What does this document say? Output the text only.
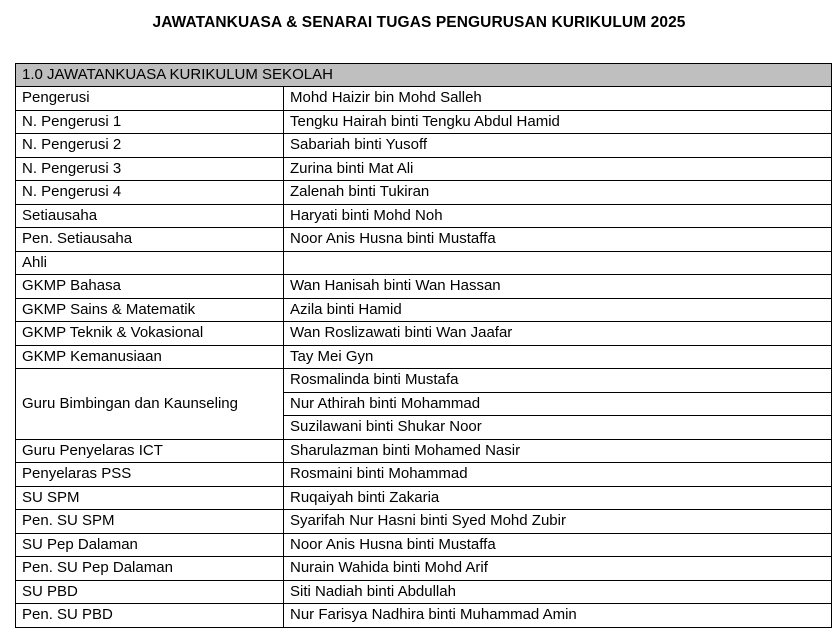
JAWATANKUASA & SENARAI TUGAS PENGURUSAN KURIKULUM 2025
1.0 JAWATANKUASA KURIKULUM SEKOLAH	
Pengerusi	Mohd Haizir bin Mohd Salleh
N. Pengerusi 1	Tengku Hairah binti Tengku Abdul Hamid
N. Pengerusi 2	Sabariah binti Yusoff
N. Pengerusi 3	Zurina binti Mat Ali
N. Pengerusi 4	Zalenah binti Tukiran
Setiausaha	Haryati binti Mohd Noh
Pen. Setiausaha	Noor Anis Husna binti Mustaffa
Ahli	
GKMP Bahasa	Wan Hanisah binti Wan Hassan
GKMP Sains & Matematik	Azila binti Hamid
GKMP Teknik & Vokasional	Wan Roslizawati binti Wan Jaafar
GKMP Kemanusiaan	Tay Mei Gyn
Guru Bimbingan dan Kaunseling	Rosmalinda binti Mustafa
	Nur Athirah binti Mohammad
	Suzilawani binti Shukar Noor
Guru Penyelaras ICT	Sharulazman binti Mohamed Nasir
Penyelaras PSS	Rosmaini binti Mohammad
SU SPM	Ruqaiyah binti Zakaria
Pen. SU SPM	Syarifah Nur Hasni binti Syed Mohd Zubir
SU Pep Dalaman	Noor Anis Husna binti Mustaffa
Pen. SU Pep Dalaman	Nurain Wahida binti Mohd Arif
SU PBD	Siti Nadiah binti Abdullah
Pen. SU PBD	Nur Farisya Nadhira binti Muhammad Amin
